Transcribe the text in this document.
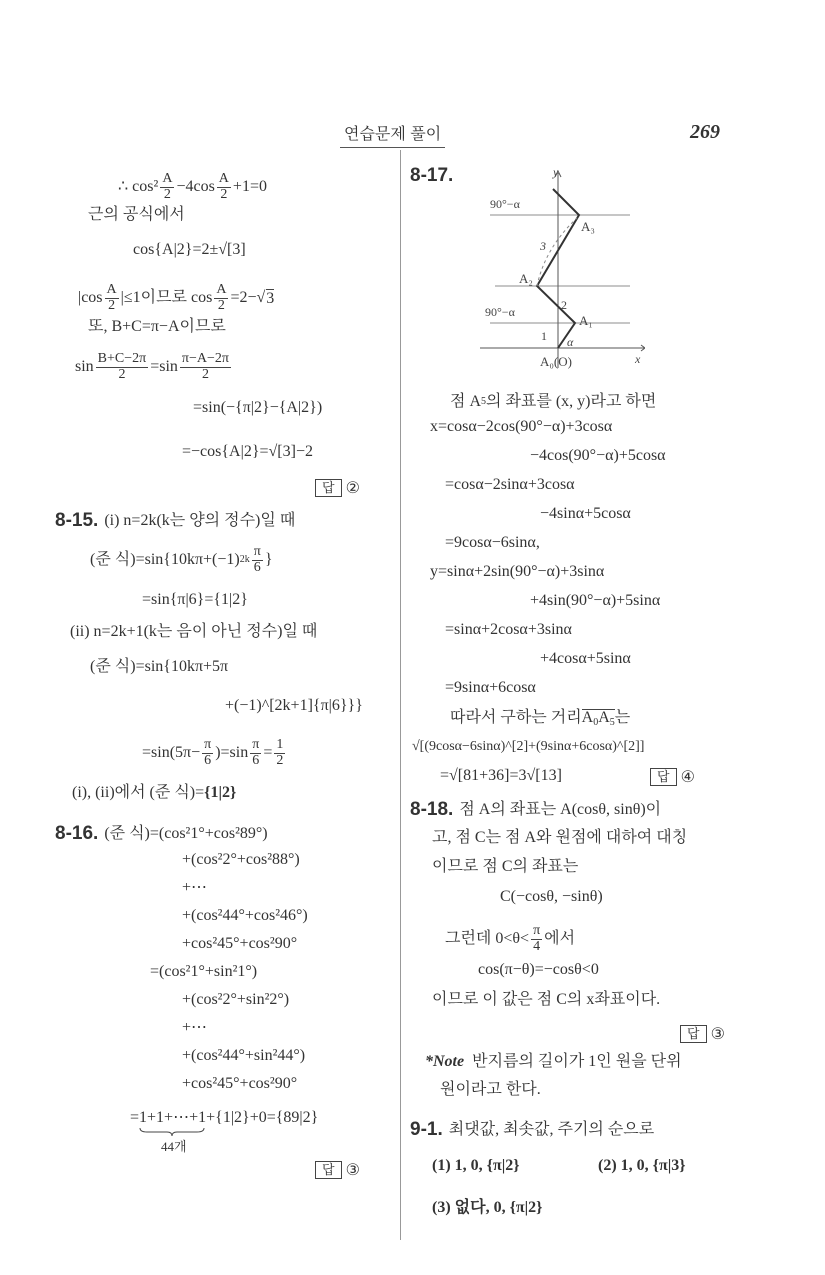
연습문제 풀이	269
∴ $\cos^2 \frac{A}{2} -4\cos \frac{A}{2} +1=0$
근의 공식에서
cos{A|2}=2±√[3]
$|\cos \frac{A}{2} |\le 1$이므로 $\cos \frac{A}{2} =2-√$ 3
또, B+C=π−A이므로
$\sin \frac{B+C-2\pi}{2} =\sin \frac{\pi-A-2\pi}{2}$
=sin(−{π|2}−{A|2})
=−cos{A|2}=√[3]−2
답 ②
8-15. (i) n=2k(k는 양의 정수)일 때
(준 식)=sin{10kπ+(−1) $2k \frac{\pi}{6}$ }
=sin{π|6}={1|2}
(ii) n=2k+1(k는 음이 아닌 정수)일 때
(준 식)=sin{10kπ+5π
+(−1)^[2k+1]{π|6}}}
$=\sin(5\pi- \frac{\pi}{6} )=\sin \frac{\pi}{6} = \frac{1}{2}$
(i), (ii)에서 (준 식)= {1|2}
8-16. (준 식)=(cos²1°+cos²89°)
+(cos²2°+cos²88°)
+⋯
+(cos²44°+cos²46°)
+cos²45°+cos²90°
=(cos²1°+sin²1°)
+(cos²2°+sin²2°)
+⋯
+(cos²44°+sin²44°)
+cos²45°+cos²90°
= 1+1+⋯+1
44개
+{1|2}+0={89|2}
답 ③
8-17.	y
x
90°−α
90°−α
A₀(O)
A₁
A₂
A₃
1
2
3
α
점 A 5 의 좌표를 (x, y)라고 하면
x=cosα−2cos(90°−α)+3cosα
−4cos(90°−α)+5cosα
=cosα−2sinα+3cosα
−4sinα+5cosα
=9cosα−6sinα,
y=sinα+2sin(90°−α)+3sinα
+4sin(90°−α)+5sinα
=sinα+2cosα+3sinα
+4cosα+5sinα
=9sinα+6cosα
따라서 구하는 거리 $A_0A_5$ 는
√[(9cosα−6sinα)^[2]+(9sinα+6cosα)^[2]]
=√[81+36]=3√[13]	답 ④
8-18. 점 A의 좌표는 A(cosθ, sinθ)이
고, 점 C는 점 A와 원점에 대하여 대칭
이므로 점 C의 좌표는
C(−cosθ, −sinθ)
그런데 $0<\theta< \frac{\pi}{4}$ 에서
cos(π−θ)=−cosθ<0
이므로 이 값은 점 C의 x좌표이다.
답 ③
*Note
반지름의 길이가 1인 원을 단위
원이라고 한다.
9-1. 최댓값, 최솟값, 주기의 순으로
(1) 1, 0, {π|2}	(2) 1, 0, {π|3}
(3) 없다, 0, {π|2}
